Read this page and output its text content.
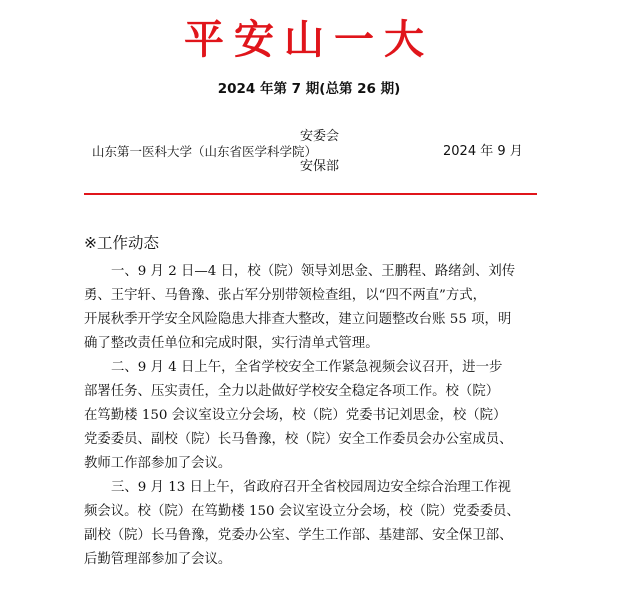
平安山一大
2024 年第 7 期(总第 26 期)
山东第一医科大学（山东省医学科学院）
安委会
安保部
2024 年 9 月
※工作动态

一、9 月 2 日—4 日，校（院）领导刘思金、王鹏程、路绪剑、刘传
勇、王宇轩、马鲁豫、张占军分别带领检查组，以“四不两直”方式，
开展秋季开学安全风险隐患大排查大整改，建立问题整改台账 55 项，明
确了整改责任单位和完成时限，实行清单式管理。

二、9 月 4 日上午，全省学校安全工作紧急视频会议召开，进一步
部署任务、压实责任，全力以赴做好学校安全稳定各项工作。校（院）
在笃勤楼 150 会议室设立分会场，校（院）党委书记刘思金，校（院）
党委委员、副校（院）长马鲁豫，校（院）安全工作委员会办公室成员、
教师工作部参加了会议。

三、9 月 13 日上午，省政府召开全省校园周边安全综合治理工作视
频会议。校（院）在笃勤楼 150 会议室设立分会场，校（院）党委委员、
副校（院）长马鲁豫，党委办公室、学生工作部、基建部、安全保卫部、
后勤管理部参加了会议。
